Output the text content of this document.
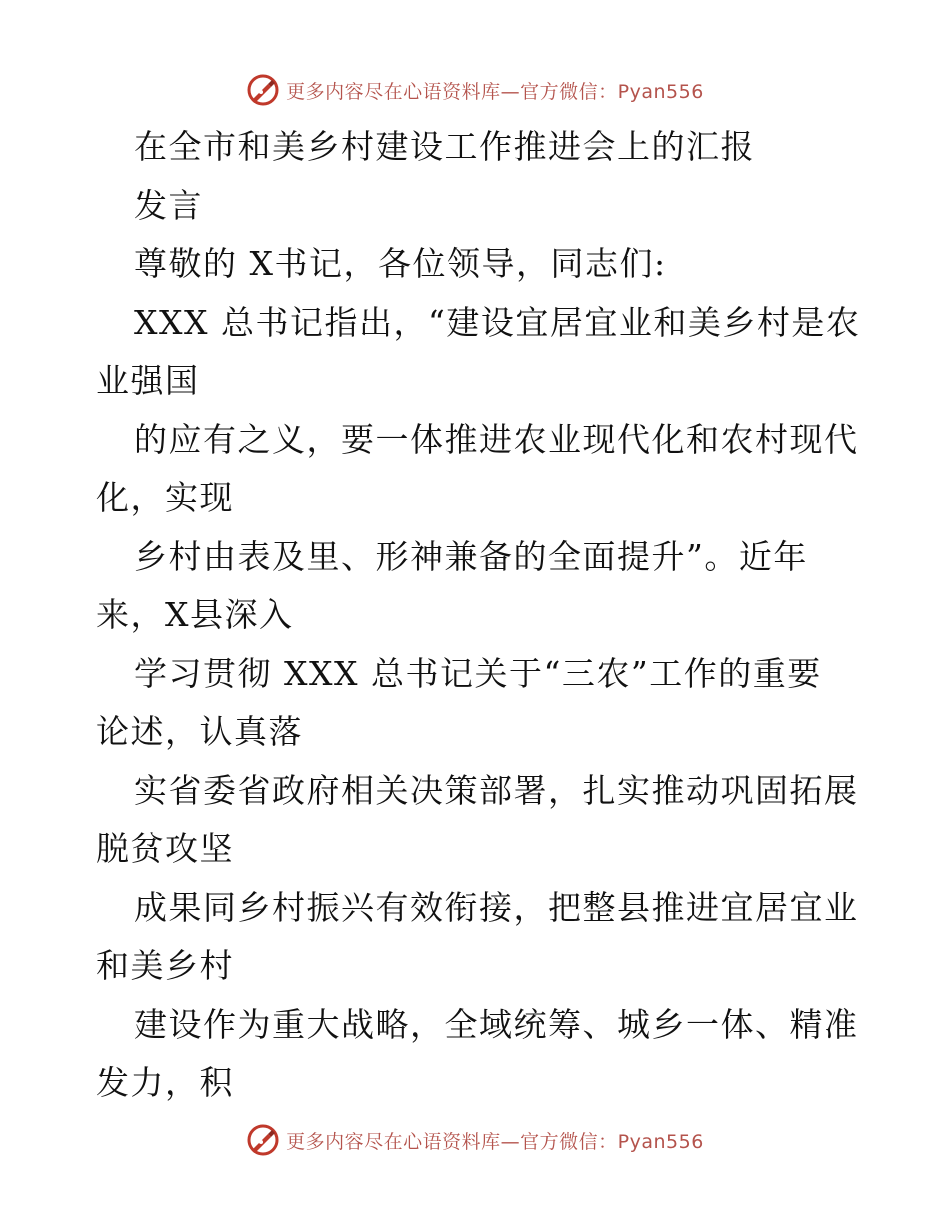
更多内容尽在心语资料库—官方微信：Pyan556
在全市和美乡村建设工作推进会上的汇报
发言
尊敬的 X书记，各位领导，同志们:
XXX 总书记指出，“建设宜居宜业和美乡村是农
业强国
的应有之义，要一体推进农业现代化和农村现代
化，实现
乡村由表及里、形神兼备的全面提升”。近年
来，X县深入
学习贯彻 XXX 总书记关于“三农”工作的重要
论述，认真落
实省委省政府相关决策部署，扎实推动巩固拓展
脱贫攻坚
成果同乡村振兴有效衔接，把整县推进宜居宜业
和美乡村
建设作为重大战略，全域统筹、城乡一体、精准
发力，积
更多内容尽在心语资料库—官方微信：Pyan556
